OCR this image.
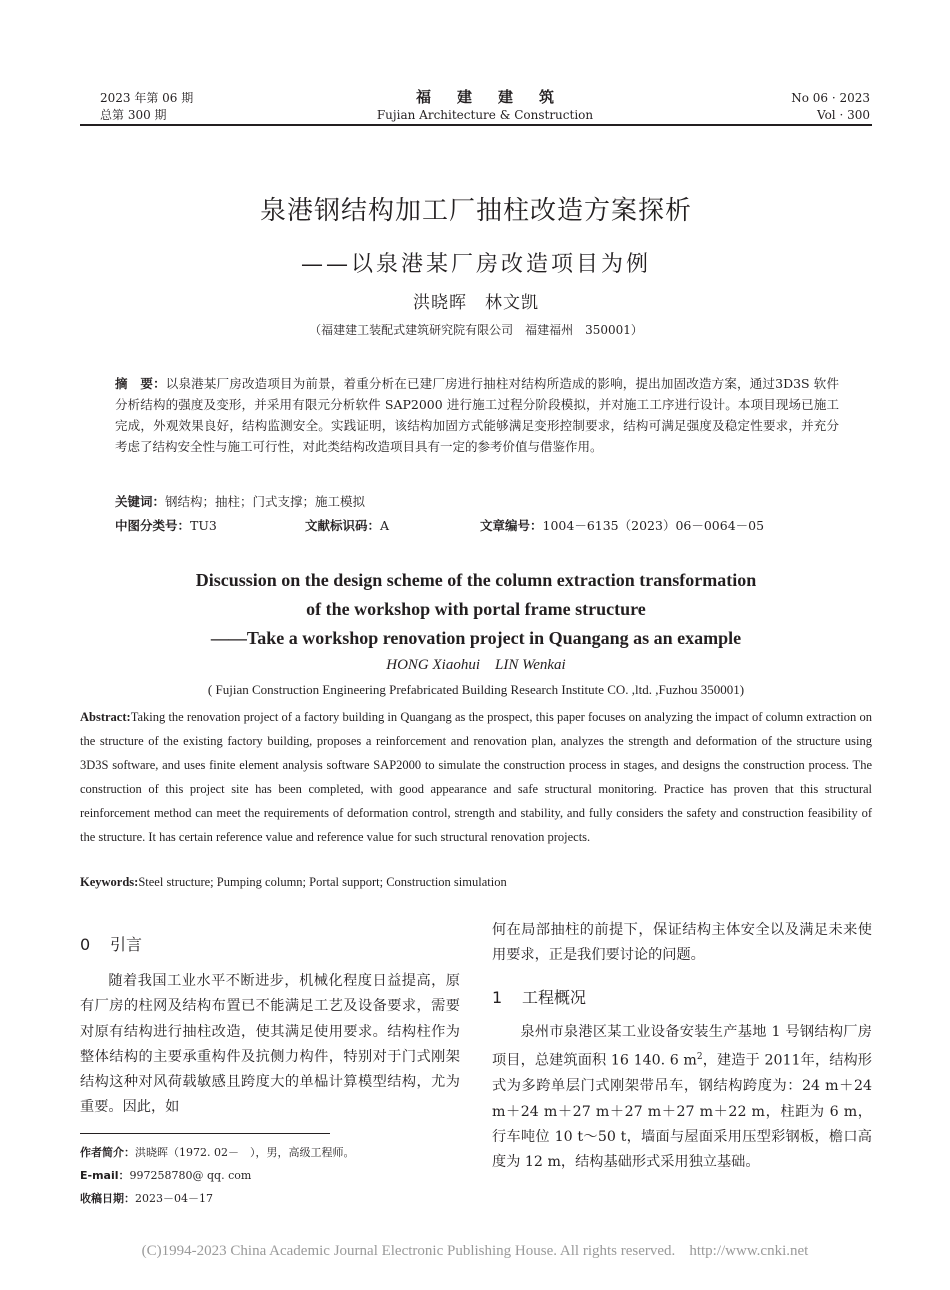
2023 年第 06 期
总第 300 期
福建建筑
Fujian Architecture & Construction
No 06 · 2023
Vol · 300
泉港钢结构加工厂抽柱改造方案探析
——以泉港某厂房改造项目为例
洪晓晖　林文凯
（福建建工装配式建筑研究院有限公司　福建福州　350001）
摘　要：以泉港某厂房改造项目为前景，着重分析在已建厂房进行抽柱对结构所造成的影响，提出加固改造方案，通过3D3S 软件分析结构的强度及变形，并采用有限元分析软件 SAP2000 进行施工过程分阶段模拟，并对施工工序进行设计。本项目现场已施工完成，外观效果良好，结构监测安全。实践证明，该结构加固方式能够满足变形控制要求，结构可满足强度及稳定性要求，并充分考虑了结构安全性与施工可行性，对此类结构改造项目具有一定的参考价值与借鉴作用。
关键词：钢结构；抽柱；门式支撑；施工模拟
中图分类号：TU3	文献标识码：A	文章编号：1004－6135（2023）06－0064－05
Discussion on the design scheme of the column extraction transformation
of the workshop with portal frame structure
——Take a workshop renovation project in Quangang as an example
HONG Xiaohui　LIN Wenkai
( Fujian Construction Engineering Prefabricated Building Research Institute CO. ,ltd. ,Fuzhou 350001)
Abstract:Taking the renovation project of a factory building in Quangang as the prospect, this paper focuses on analyzing the impact of column extraction on the structure of the existing factory building, proposes a reinforcement and renovation plan, analyzes the strength and deformation of the structure using 3D3S software, and uses finite element analysis software SAP2000 to simulate the construction process in stages, and designs the construction process. The construction of this project site has been completed, with good appearance and safe structural monitoring. Practice has proven that this structural reinforcement method can meet the requirements of deformation control, strength and stability, and fully considers the safety and construction feasibility of the structure. It has certain reference value and reference value for such structural renovation projects.
Keywords:Steel structure; Pumping column; Portal support; Construction simulation
0 引言

随着我国工业水平不断进步，机械化程度日益提高，原有厂房的柱网及结构布置已不能满足工艺及设备要求，需要对原有结构进行抽柱改造，使其满足使用要求。结构柱作为整体结构的主要承重构件及抗侧力构件，特别对于门式刚架结构这种对风荷载敏感且跨度大的单榀计算模型结构，尤为重要。因此，如

作者简介：洪晓晖（1972. 02－　），男，高级工程师。
E-mail：997258780@ qq. com
收稿日期：2023－04－17

何在局部抽柱的前提下，保证结构主体安全以及满足未来使用要求，正是我们要讨论的问题。

1 工程概况

泉州市泉港区某工业设备安装生产基地 1 号钢结构厂房项目，总建筑面积 16 140. 6 $m^2$，建造于 2011年，结构形式为多跨单层门式刚架带吊车，钢结构跨度为：24 m＋24 m＋24 m＋27 m＋27 m＋27 m＋22 m，柱距为 6 m，行车吨位 10 t～50 t，墙面与屋面采用压型彩钢板，檐口高度为 12 m，结构基础形式采用独立基础。

(C)1994-2023 China Academic Journal Electronic Publishing House. All rights reserved. http://www.cnki.net
